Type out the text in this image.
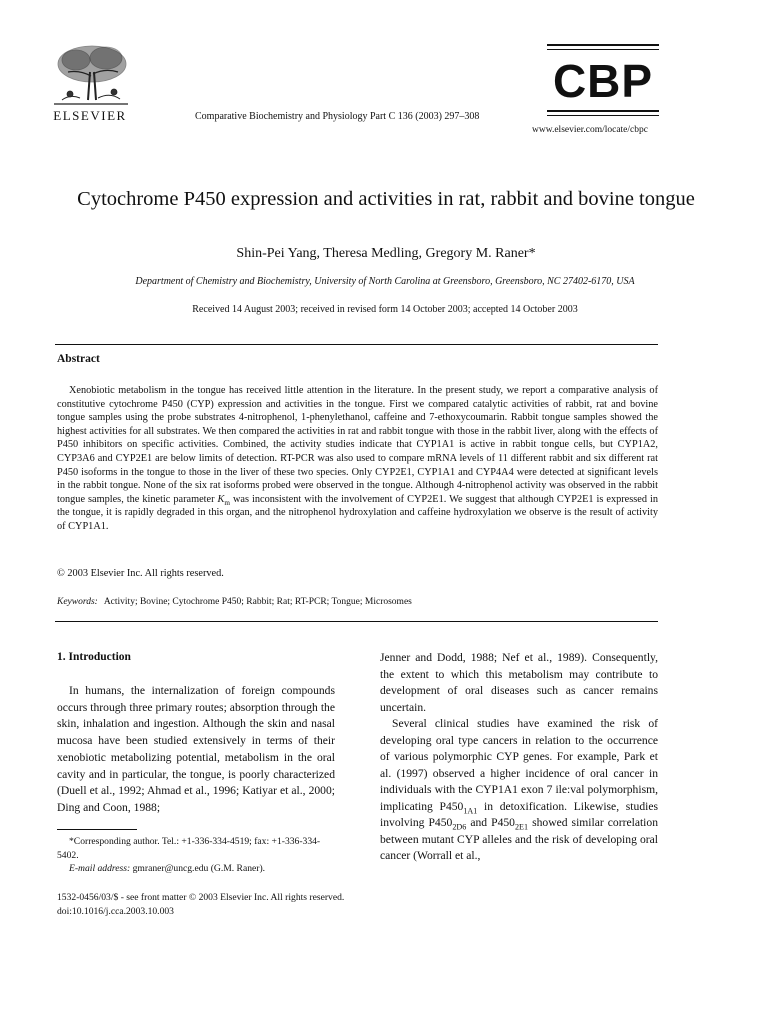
ELSEVIER	Comparative Biochemistry and Physiology Part C 136 (2003) 297–308
CBP
www.elsevier.com/locate/cbpc
Cytochrome P450 expression and activities in rat, rabbit and bovine tongue
Shin-Pei Yang, Theresa Medling, Gregory M. Raner*
Department of Chemistry and Biochemistry, University of North Carolina at Greensboro, Greensboro, NC 27402-6170, USA
Received 14 August 2003; received in revised form 14 October 2003; accepted 14 October 2003
Abstract

Xenobiotic metabolism in the tongue has received little attention in the literature. In the present study, we report a comparative analysis of constitutive cytochrome P450 (CYP) expression and activities in the tongue. First we compared catalytic activities of rabbit, rat and bovine tongue samples using the probe substrates 4-nitrophenol, 1-phenylethanol, caffeine and 7-ethoxycoumarin. Rabbit tongue samples showed the highest activities for all substrates. We then compared the activities in rat and rabbit tongue with those in the rabbit liver, along with the effects of P450 inhibitors on specific activities. Combined, the activity studies indicate that CYP1A1 is active in rabbit tongue cells, but CYP1A2, CYP3A6 and CYP2E1 are below limits of detection. RT-PCR was also used to compare mRNA levels of 11 different rabbit and six different rat P450 isoforms in the tongue to those in the liver of these two species. Only CYP2E1, CYP1A1 and CYP4A4 were detected at significant levels in the rabbit tongue. None of the six rat isoforms probed were observed in the tongue. Although 4-nitrophenol activity was observed in the rabbit tongue samples, the kinetic parameter $K_m$ was inconsistent with the involvement of CYP2E1. We suggest that although CYP2E1 is expressed in the tongue, it is rapidly degraded in this organ, and the nitrophenol hydroxylation and caffeine hydroxylation we observe is the result of activity of CYP1A1.

© 2003 Elsevier Inc. All rights reserved.
Keywords: Activity; Bovine; Cytochrome P450; Rabbit; Rat; RT-PCR; Tongue; Microsomes
1. Introduction
In humans, the internalization of foreign compounds occurs through three primary routes; absorption through the skin, inhalation and ingestion. Although the skin and nasal mucosa have been studied extensively in terms of their xenobiotic metabolizing potential, metabolism in the oral cavity and in particular, the tongue, is poorly characterized (Duell et al., 1992; Ahmad et al., 1996; Katiyar et al., 2000; Ding and Coon, 1988;

*Corresponding author. Tel.: +1-336-334-4519; fax: +1-336-334-5402.

E-mail address: gmraner@uncg.edu (G.M. Raner).

Jenner and Dodd, 1988; Nef et al., 1989). Consequently, the extent to which this metabolism may contribute to development of oral diseases such as cancer remains uncertain.

Several clinical studies have examined the risk of developing oral type cancers in relation to the occurrence of various polymorphic CYP genes. For example, Park et al. (1997) observed a higher incidence of oral cancer in individuals with the CYP1A1 exon 7 ile:val polymorphism, implicating $P450_{1A1}$ in detoxification. Likewise, studies involving $P450_{2D6}$ and $P450_{2E1}$ showed similar correlation between mutant CYP alleles and the risk of developing oral cancer (Worrall et al.,

1532-0456/03/$ - see front matter © 2003 Elsevier Inc. All rights reserved.
doi:10.1016/j.cca.2003.10.003
